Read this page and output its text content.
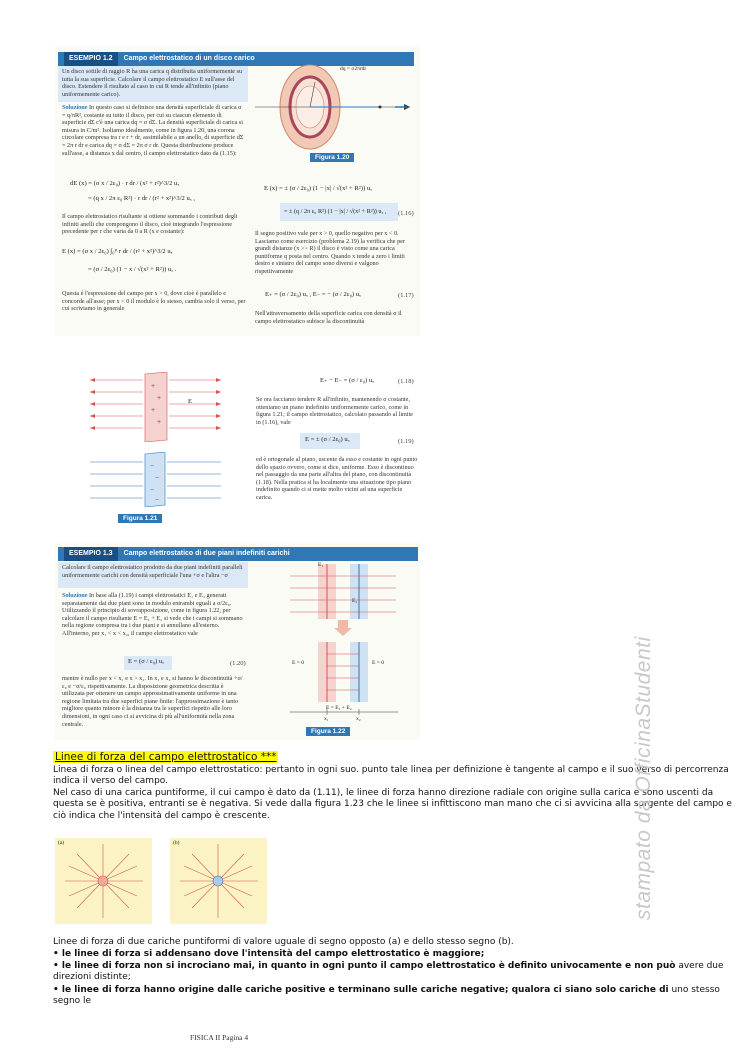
ESEMPIO 1.2 Campo elettrostatico di un disco carico
Un disco sottile di raggio R ha una carica q distribuita uniformemente su tutta la sua superficie. Calcolare il campo elettrostatico E sull'asse del disco. Estendere il risultato al caso in cui R tende all'infinito (piano uniformemente carico).
Soluzione In questo caso si definisce una densità superficiale di carica σ = q/πR², costante su tutto il disco, per cui su ciascun elemento di superficie dΣ c'è una carica dq = σ dΣ. La densità superficiale di carica si misura in C/m². Isoliamo idealmente, come in figura 1.20, una corona circolare compresa tra r e r + dr, assimilabile a un anello, di superficie dΣ = 2π r dr e carica dq = σ dΣ = 2π σ r dr. Questa distribuzione produce sull'asse, a distanza x dal centro, il campo elettrostatico dato da (1.15):
dE (x) = (σ x / 2ε₀) · r dr / (x² + r²)^3/2 uₓ
= (q x / 2π ε₀ R²) · r dr / (r² + x²)^3/2 uₓ ,
Il campo elettrostatico risultante si ottiene sommando i contributi degli infiniti anelli che compongono il disco, cioè integrando l'espressione precedente per r che varia da 0 a R (x e costante):
E (x) = (σ x / 2ε₀) ∫₀ᴿ r dr / (r² + x²)^3/2 uₓ
= (σ / 2ε₀) (1 − x / √(x² + R²)) uₓ .
Questa è l'espressione del campo per x > 0, dove cioè è parallelo e concorde all'asse; per x < 0 il modulo è lo stesso, cambia solo il verso, per cui scriviamo in generale
dq = σ2πrdr
Figura 1.20
E (x) = ± (σ / 2ε₀) (1 − |x| / √(x² + R²)) uₓ
= ± (q / 2π ε₀ R²) (1 − |x| / √(x² + R²)) uₓ , (1.16)
Il segno positivo vale per x > 0, quello negativo per x < 0. Lasciamo come esercizio (problema 2.19) la verifica che per grandi distanze (x >> R) il disco è visto come una carica puntiforme q posta nel centro. Quando x tende a zero i limiti destro e sinistro del campo sono diversi e valgono rispettivamente
E₊ = (σ / 2ε₀) uₓ , E₋ = − (σ / 2ε₀) uₓ	(1.17)
Nell'attraversamento della superficie carica con densità σ il campo elettrostatico subisce la discontinuità
+
+
+
+
E
−
−
−
−
Figura 1.21
E₊ − E₋ = (σ / ε₀) uₓ	(1.18)
Se ora facciamo tendere R all'infinito, mantenendo σ costante, otteniamo un piano indefinito uniformemente carico, come in figura 1.21; il campo elettrostatico, calcolato passando al limite in (1.16), vale
E = ± (σ / 2ε₀) uₓ	(1.19)
ed è ortogonale al piano, uscente da esso e costante in ogni punto dello spazio ovvero, come si dice, uniforme. Esso è discontinuo nel passaggio da una parte all'altra del piano, con discontinuità (1.18). Nella pratica si ha localmente una situazione tipo piano indefinito quando ci si mette molto vicini ad una superficie carica.
ESEMPIO 1.3 Campo elettrostatico di due piani indefiniti carichi
Calcolare il campo elettrostatico prodotto da due piani indefiniti paralleli uniformemente carichi con densità superficiale l'una +σ e l'altra −σ
Soluzione In base alla (1.19) i campi elettrostatici E₁ e E₂ generati separatamente dai due piani sono in modulo entrambi eguali a σ/2ε₀. Utilizzando il principio di sovrapposizione, come in figura 1.22, per calcolare il campo risultante E = E₁ + E₂ si vede che i campi si sommano nella regione compresa tra i due piani e si annullano all'esterno. All'interno, per x₁ < x < x₂, il campo elettrostatico vale
E = (σ / ε₀) uₓ	(1.20)
mentre è nullo per x < x₁ e x > x₂. In x₁ e x₂ si hanno le discontinuità +σ/ε₀ e −σ/ε₀ rispettivamente. La disposizione geometrica descritta è utilizzata per ottenere un campo approssimativamente uniforme in una regione limitata tra due superfici piane finite: l'approssimazione è tanto migliore quanto minore è la distanza tra le superfici rispetto alle loro dimensioni, in ogni caso ci si avvicina di più all'uniformità nella zona centrale.
E₁
E₂
E = 0	E = 0
E = E₁ + E₂
x₁	x₂
Figura 1.22
Linee di forza del campo elettrostatico ***
Linea di forza o linea del campo elettrostatico: pertanto in ogni suo. punto tale linea per definizione è tangente al campo e il suo verso di percorrenza indica il verso del campo.
Nel caso di una carica puntiforme, il cui campo è dato da (1.11), le linee di forza hanno direzione radiale con origine sulla carica e sono uscenti da questa se è positiva, entranti se è negativa. Si vede dalla figura 1.23 che le linee si infittiscono man mano che ci si avvicina alla sorgente del campo e ciò indica che l'intensità del campo è crescente.
(a)	(b)
Linee di forza di due cariche puntiformi di valore uguale di segno opposto (a) e dello stesso segno (b).
• le linee di forza si addensano dove l'intensità del campo elettrostatico è maggiore;
• le linee di forza non si incrociano mai, in quanto in ogni punto il campo elettrostatico è definito univocamente e non può avere due direzioni distinte;
• le linee di forza hanno origine dalle cariche positive e terminano sulle cariche negative; qualora ci siano solo cariche di uno stesso segno le
stampato da OfficinaStudenti
FISICA II Pagina 4
